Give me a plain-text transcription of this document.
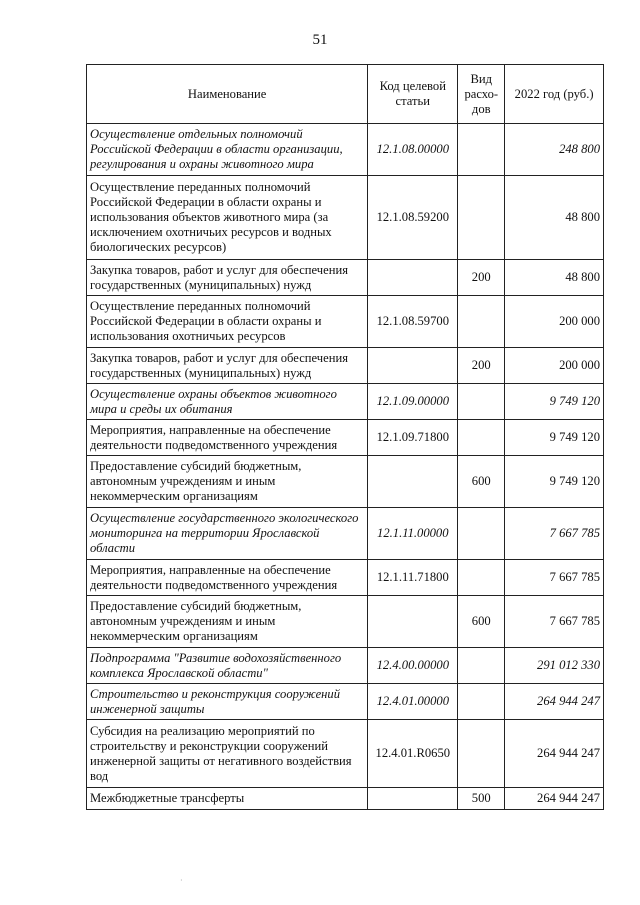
51
Наименование	Код целевой статьи	Вид расхо-дов	2022 год (руб.)
Осуществление отдельных полномочий Российской Федерации в области организации, регулирования и охраны животного мира	12.1.08.00000		248 800
Осуществление переданных полномочий Российской Федерации в области охраны и использования объектов животного мира (за исключением охотничьих ресурсов и водных биологических ресурсов)	12.1.08.59200		48 800
Закупка товаров, работ и услуг для обеспечения государственных (муниципальных) нужд		200	48 800
Осуществление переданных полномочий Российской Федерации в области охраны и использования охотничьих ресурсов	12.1.08.59700		200 000
Закупка товаров, работ и услуг для обеспечения государственных (муниципальных) нужд		200	200 000
Осуществление охраны объектов животного мира и среды их обитания	12.1.09.00000		9 749 120
Мероприятия, направленные на обеспечение деятельности подведомственного учреждения	12.1.09.71800		9 749 120
Предоставление субсидий бюджетным, автономным учреждениям и иным некоммерческим организациям		600	9 749 120
Осуществление государственного экологического мониторинга на территории Ярославской области	12.1.11.00000		7 667 785
Мероприятия, направленные на обеспечение деятельности подведомственного учреждения	12.1.11.71800		7 667 785
Предоставление субсидий бюджетным, автономным учреждениям и иным некоммерческим организациям		600	7 667 785
Подпрограмма "Развитие водохозяйственного комплекса Ярославской области"	12.4.00.00000		291 012 330
Строительство и реконструкция сооружений инженерной защиты	12.4.01.00000		264 944 247
Субсидия на реализацию мероприятий по строительству и реконструкции сооружений инженерной защиты от негативного воздействия вод	12.4.01.R0650		264 944 247
Межбюджетные трансферты		500	264 944 247
·
